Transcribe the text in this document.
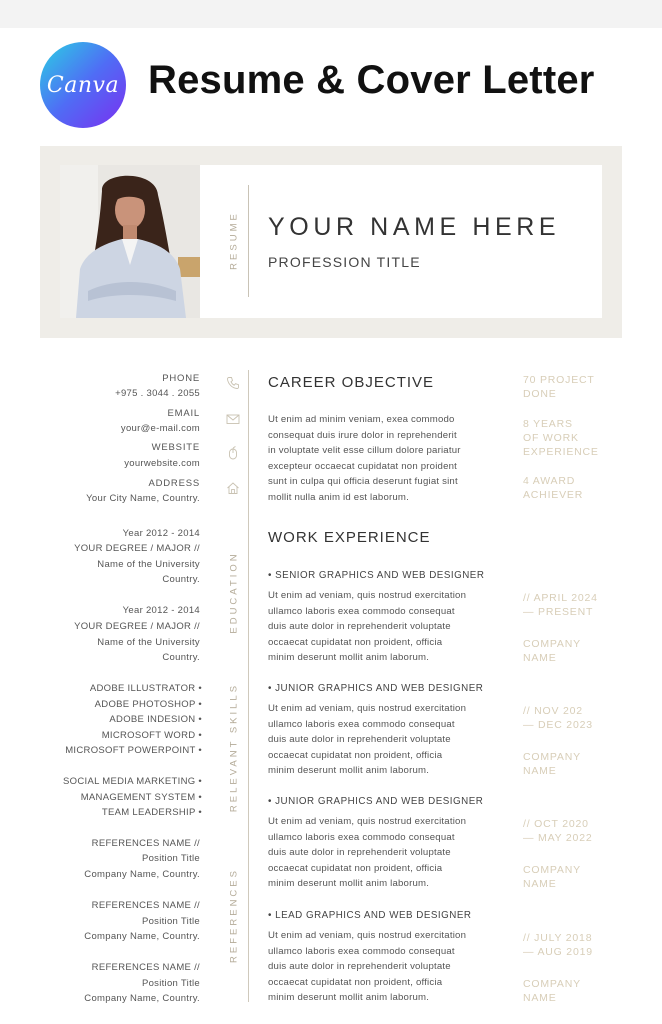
Canva Resume & Cover Letter
RESUME YOUR NAME HERE
PROFESSION TITLE
PHONE
+975 . 3044 . 2055
EMAIL
your@e-mail.com
WEBSITE
yourwebsite.com
ADDRESS
Your City Name, Country.
Year 2012 - 2014
YOUR DEGREE / MAJOR //
Name of the University
Country.
Year 2012 - 2014
YOUR DEGREE / MAJOR //
Name of the University
Country.
ADOBE ILLUSTRATOR •
ADOBE PHOTOSHOP •
ADOBE INDESION •
MICROSOFT WORD •
MICROSOFT POWERPOINT •
SOCIAL MEDIA MARKETING •
MANAGEMENT SYSTEM •
TEAM LEADERSHIP •
REFERENCES NAME //
Position Title
Company Name, Country.
REFERENCES NAME //
Position Title
Company Name, Country.
REFERENCES NAME //
Position Title
Company Name, Country.
EDUCATION
RELEVANT SKILLS
REFERENCES
CAREER OBJECTIVE
Ut enim ad minim veniam, exea commodo
consequat duis irure dolor in reprehenderit
in voluptate velit esse cillum dolore pariatur
excepteur occaecat cupidatat non proident
sunt in culpa qui officia deserunt fugiat sint
mollit nulla anim id est laborum.
70 PROJECT
DONE
8 YEARS
OF WORK
EXPERIENCE
4 AWARD
ACHIEVER
WORK EXPERIENCE
• SENIOR GRAPHICS AND WEB DESIGNER
Ut enim ad veniam, quis nostrud exercitation
ullamco laboris exea commodo consequat
duis aute dolor in reprehenderit voluptate
occaecat cupidatat non proident, officia
minim deserunt mollit anim laborum.
// APRIL 2024
— PRESENT
COMPANY
NAME
• JUNIOR GRAPHICS AND WEB DESIGNER
Ut enim ad veniam, quis nostrud exercitation
ullamco laboris exea commodo consequat
duis aute dolor in reprehenderit voluptate
occaecat cupidatat non proident, officia
minim deserunt mollit anim laborum.
// NOV 202
— DEC 2023
COMPANY
NAME
• JUNIOR GRAPHICS AND WEB DESIGNER
Ut enim ad veniam, quis nostrud exercitation
ullamco laboris exea commodo consequat
duis aute dolor in reprehenderit voluptate
occaecat cupidatat non proident, officia
minim deserunt mollit anim laborum.
// OCT 2020
— MAY 2022
COMPANY
NAME
• LEAD GRAPHICS AND WEB DESIGNER
Ut enim ad veniam, quis nostrud exercitation
ullamco laboris exea commodo consequat
duis aute dolor in reprehenderit voluptate
occaecat cupidatat non proident, officia
minim deserunt mollit anim laborum.
// JULY 2018
— AUG 2019
COMPANY
NAME
